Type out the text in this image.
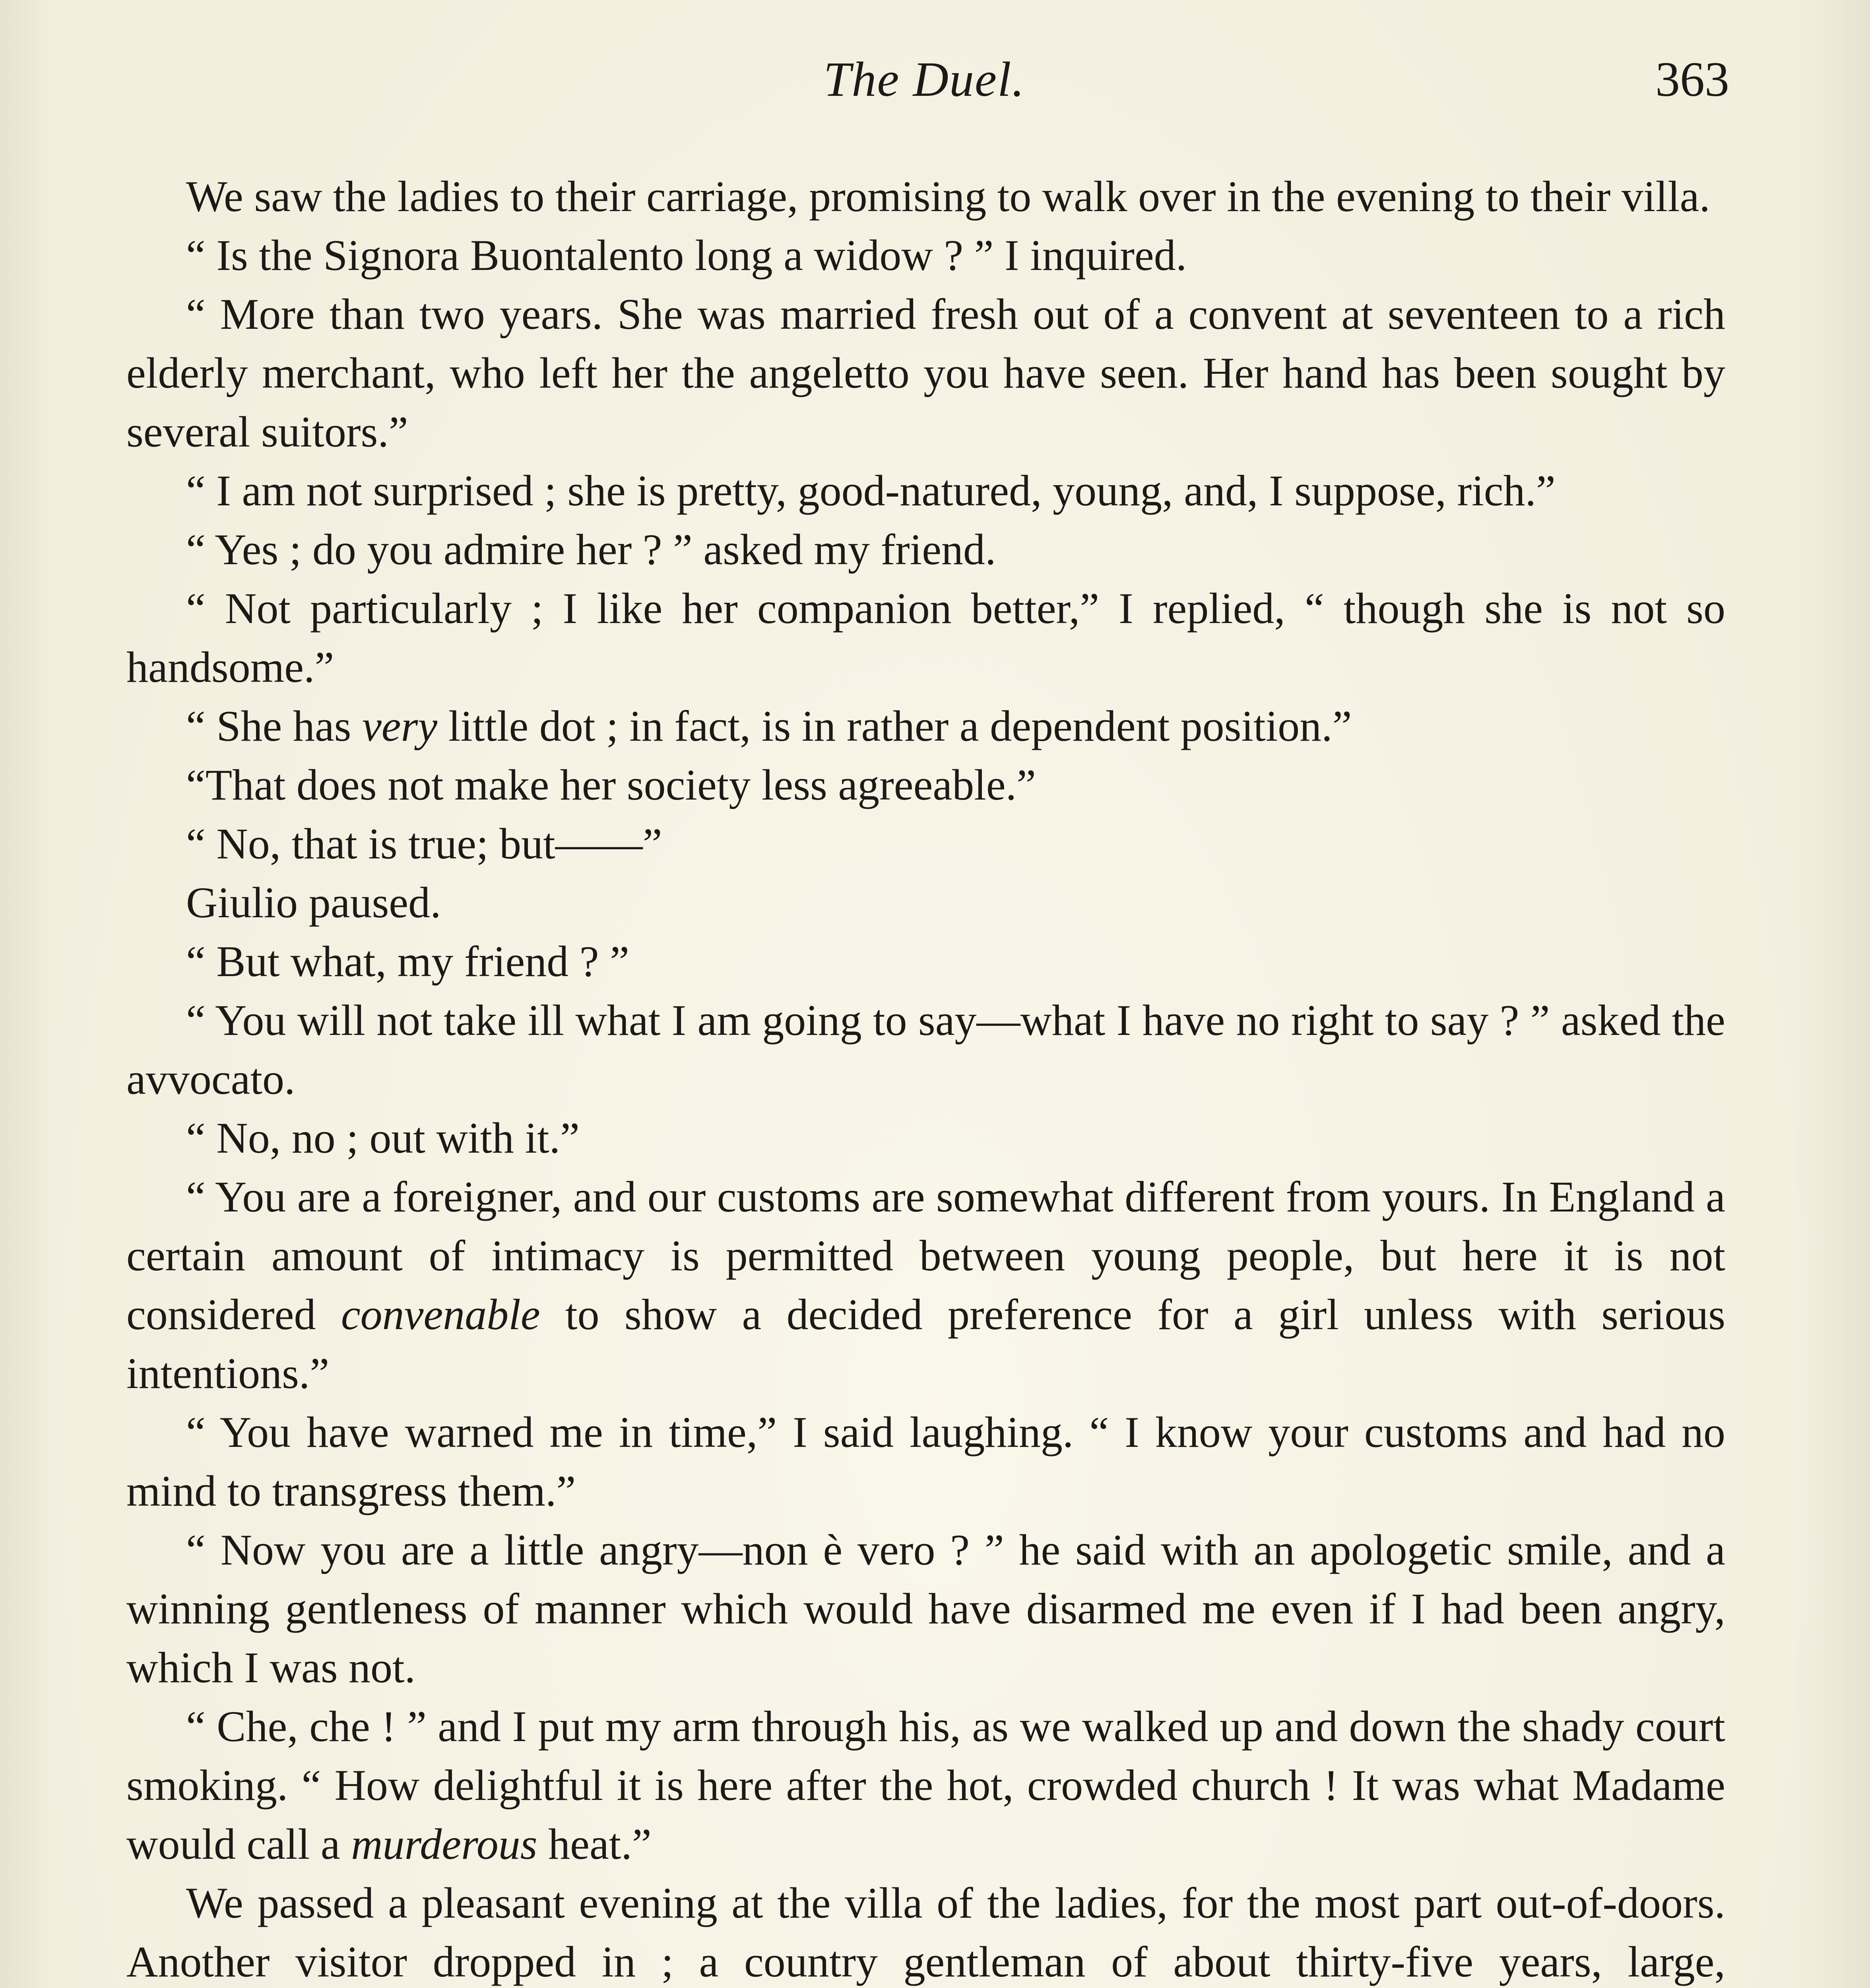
The Duel.	363

We saw the ladies to their carriage, promising to walk over in the evening to their villa.

“ Is the Signora Buontalento long a widow ? ” I inquired.

“ More than two years. She was married fresh out of a convent at seventeen to a rich elderly merchant, who left her the angeletto you have seen. Her hand has been sought by several suitors.”

“ I am not surprised ; she is pretty, good-natured, young, and, I suppose, rich.”

“ Yes ; do you admire her ? ” asked my friend.

“ Not particularly ; I like her companion better,” I replied, “ though she is not so handsome.”

“ She has very little dot ; in fact, is in rather a dependent position.”

“That does not make her society less agreeable.”

“ No, that is true; but——”

Giulio paused.

“ But what, my friend ? ”

“ You will not take ill what I am going to say—what I have no right to say ? ” asked the avvocato.

“ No, no ; out with it.”

“ You are a foreigner, and our customs are somewhat different from yours. In England a certain amount of intimacy is permitted between young people, but here it is not considered convenable to show a decided preference for a girl unless with serious intentions.”

“ You have warned me in time,” I said laughing. “ I know your customs and had no mind to transgress them.”

“ Now you are a little angry—non è vero ? ” he said with an apologetic smile, and a winning gentleness of manner which would have disarmed me even if I had been angry, which I was not.

“ Che, che ! ” and I put my arm through his, as we walked up and down the shady court smoking. “ How delightful it is here after the hot, crowded church ! It was what Madame would call a murderous heat.”

We passed a pleasant evening at the villa of the ladies, for the most part out-of-doors. Another visitor dropped in ; a country gentleman of about thirty-five years, large,
